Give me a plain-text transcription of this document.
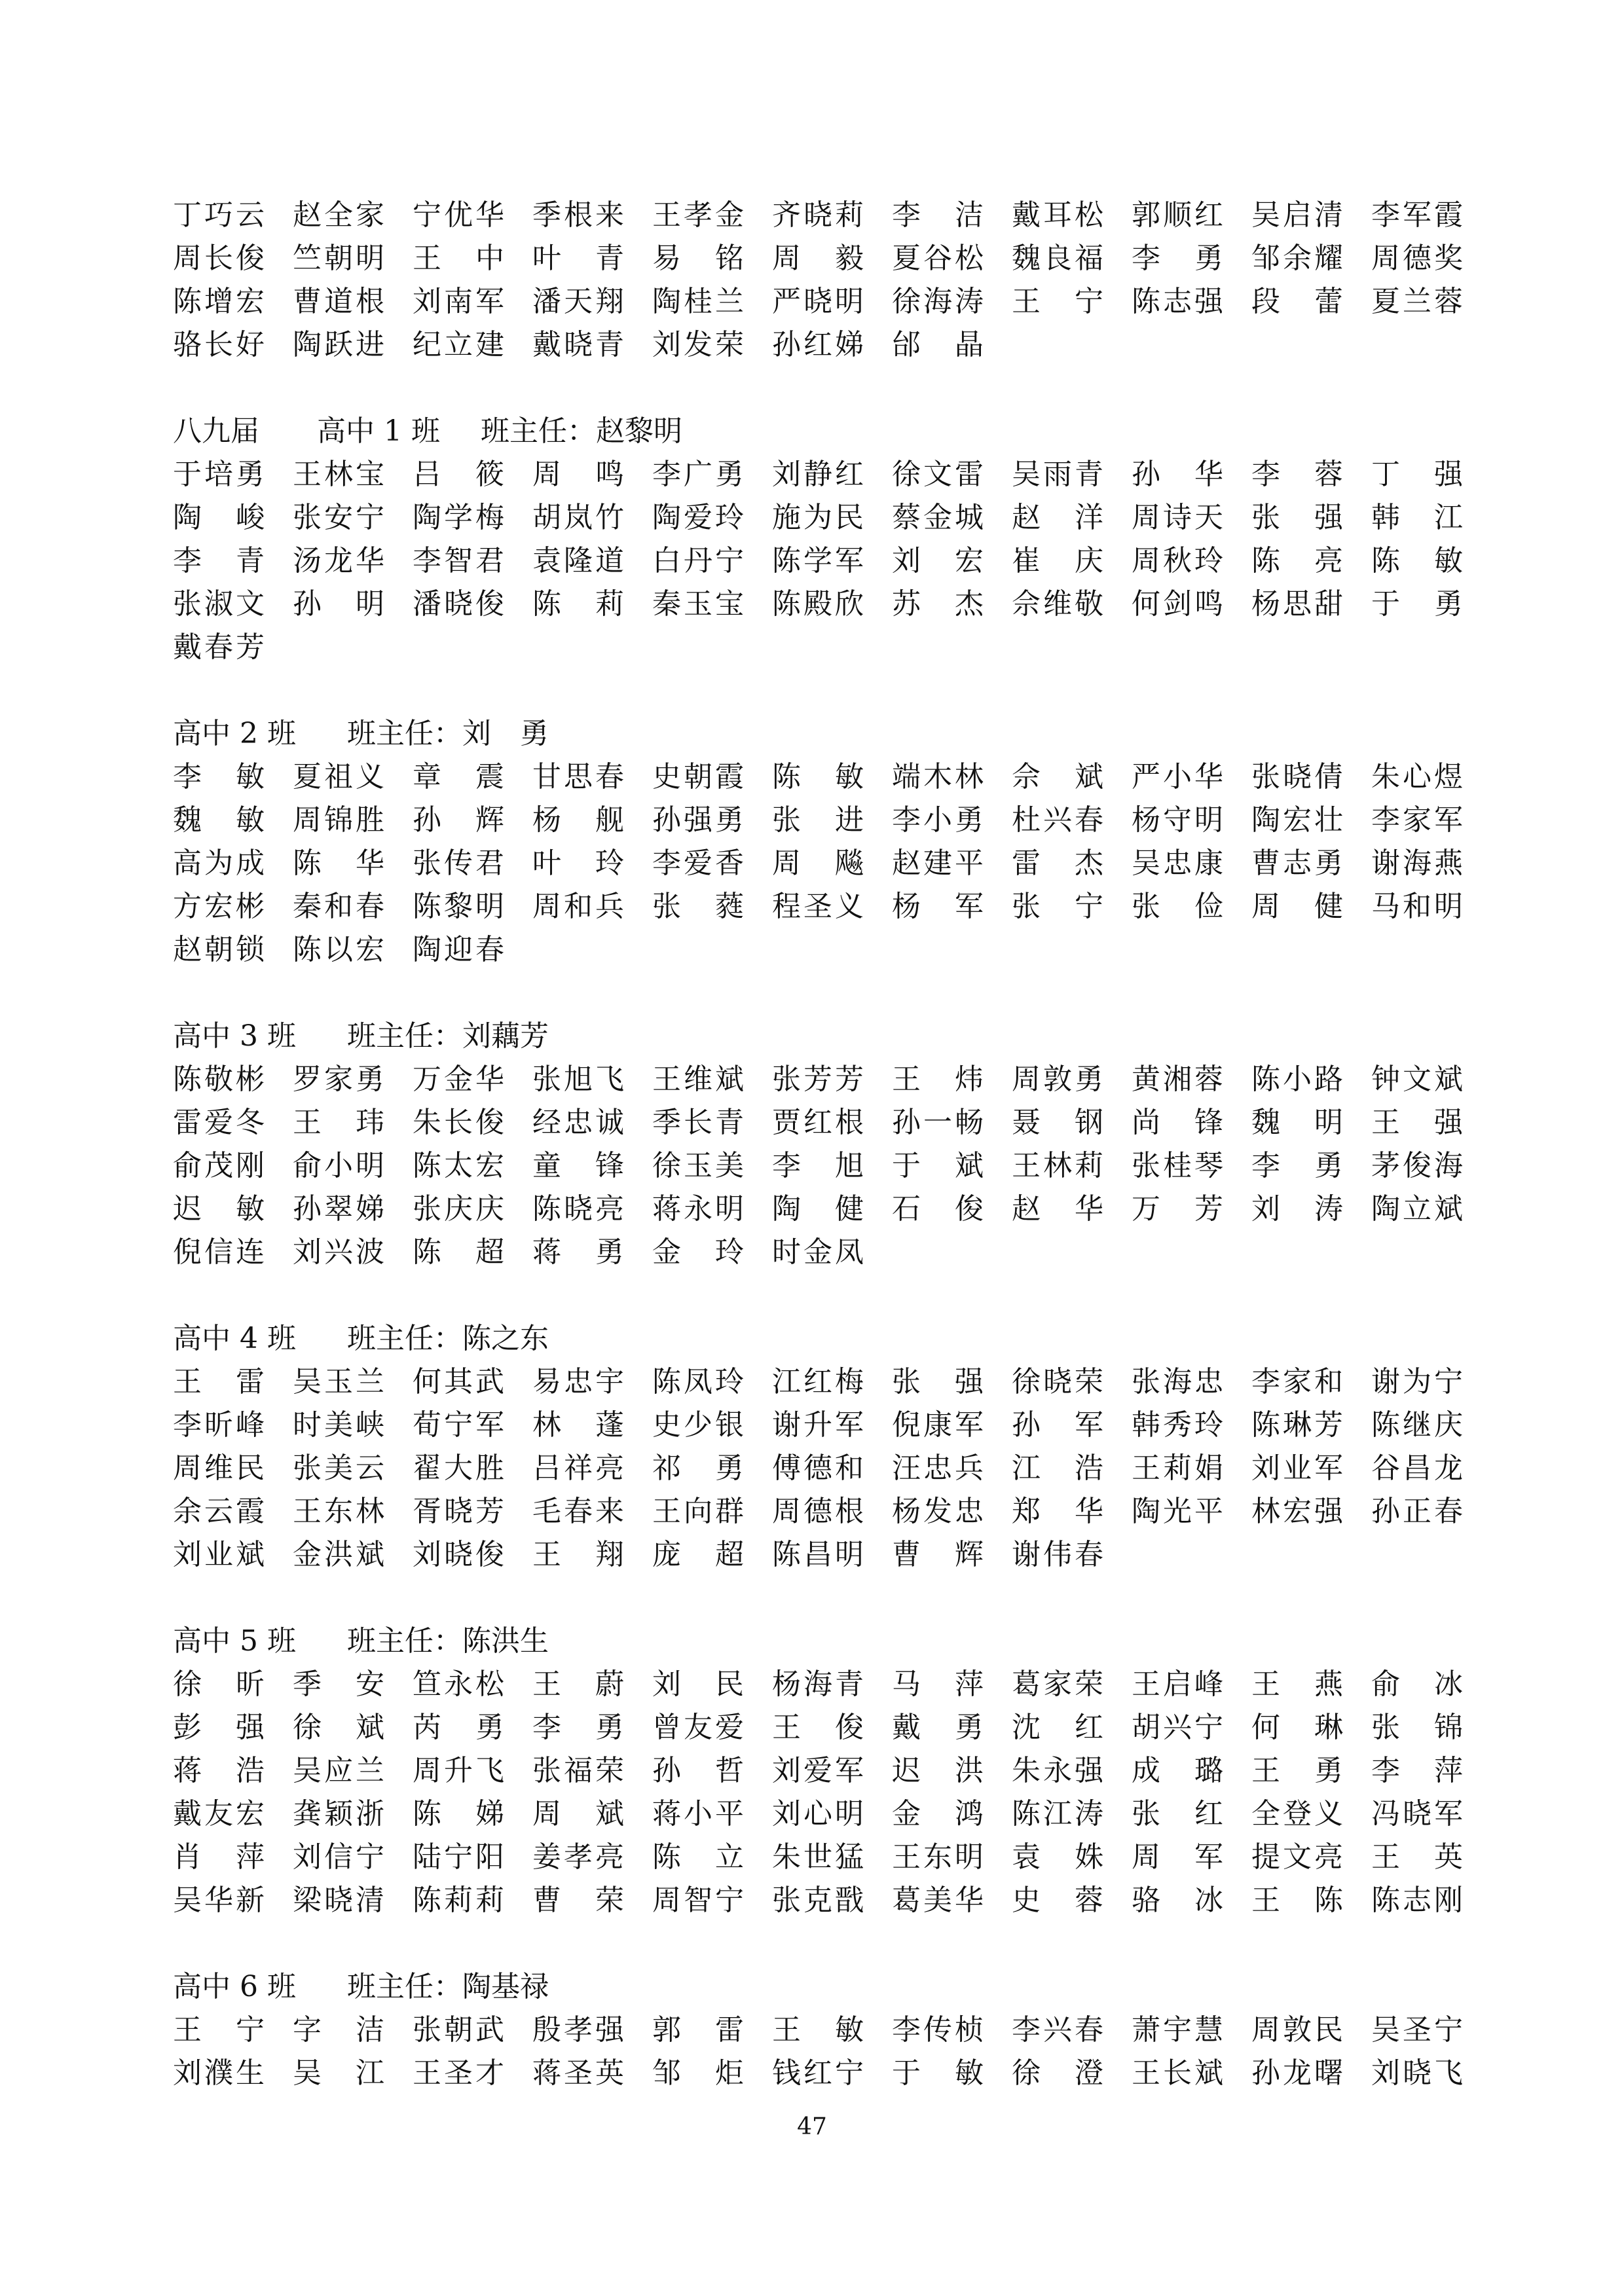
丁巧云 赵全家 宁优华 季根来 王孝金 齐晓莉 李　洁 戴耳松 郭顺红 吴启清 李军霞
周长俊 竺朝明 王　中 叶　青 易　铭 周　毅 夏谷松 魏良福 李　勇 邹余耀 周德奖
陈增宏 曹道根 刘南军 潘天翔 陶桂兰 严晓明 徐海涛 王　宁 陈志强 段　蕾 夏兰蓉
骆长好 陶跃进 纪立建 戴晓青 刘发荣 孙红娣 邰　晶
八九届 高中 1 班 班主任：赵黎明
于培勇 王林宝 吕　筱 周　鸣 李广勇 刘静红 徐文雷 吴雨青 孙　华 李　蓉 丁　强
陶　峻 张安宁 陶学梅 胡岚竹 陶爱玲 施为民 蔡金城 赵　洋 周诗天 张　强 韩　江
李　青 汤龙华 李智君 袁隆道 白丹宁 陈学军 刘　宏 崔　庆 周秋玲 陈　亮 陈　敏
张淑文 孙　明 潘晓俊 陈　莉 秦玉宝 陈殿欣 苏　杰 佘维敬 何剑鸣 杨思甜 于　勇
戴春芳
高中 2 班 班主任：刘　勇
李　敏 夏祖义 章　震 甘思春 史朝霞 陈　敏 端木林 佘　斌 严小华 张晓倩 朱心煜
魏　敏 周锦胜 孙　辉 杨　舰 孙强勇 张　进 李小勇 杜兴春 杨守明 陶宏壮 李家军
高为成 陈　华 张传君 叶　玲 李爱香 周　飚 赵建平 雷　杰 吴忠康 曹志勇 谢海燕
方宏彬 秦和春 陈黎明 周和兵 张　蕤 程圣义 杨　军 张　宁 张　俭 周　健 马和明
赵朝锁 陈以宏 陶迎春
高中 3 班 班主任：刘藕芳
陈敬彬 罗家勇 万金华 张旭飞 王维斌 张芳芳 王　炜 周敦勇 黄湘蓉 陈小路 钟文斌
雷爱冬 王　玮 朱长俊 经忠诚 季长青 贾红根 孙一畅 聂　钢 尚　锋 魏　明 王　强
俞茂刚 俞小明 陈太宏 童　锋 徐玉美 李　旭 于　斌 王林莉 张桂琴 李　勇 茅俊海
迟　敏 孙翠娣 张庆庆 陈晓亮 蒋永明 陶　健 石　俊 赵　华 万　芳 刘　涛 陶立斌
倪信连 刘兴波 陈　超 蒋　勇 金　玲 时金凤
高中 4 班 班主任：陈之东
王　雷 吴玉兰 何其武 易忠宇 陈凤玲 江红梅 张　强 徐晓荣 张海忠 李家和 谢为宁
李昕峰 时美峡 荀宁军 林　蓬 史少银 谢升军 倪康军 孙　军 韩秀玲 陈琳芳 陈继庆
周维民 张美云 翟大胜 吕祥亮 祁　勇 傅德和 汪忠兵 江　浩 王莉娟 刘业军 谷昌龙
余云霞 王东林 胥晓芳 毛春来 王向群 周德根 杨发忠 郑　华 陶光平 林宏强 孙正春
刘业斌 金洪斌 刘晓俊 王　翔 庞　超 陈昌明 曹　辉 谢伟春
高中 5 班 班主任：陈洪生
徐　昕 季　安 笪永松 王　蔚 刘　民 杨海青 马　萍 葛家荣 王启峰 王　燕 俞　冰
彭　强 徐　斌 芮　勇 李　勇 曾友爱 王　俊 戴　勇 沈　红 胡兴宁 何　琳 张　锦
蒋　浩 吴应兰 周升飞 张福荣 孙　哲 刘爱军 迟　洪 朱永强 成　璐 王　勇 李　萍
戴友宏 龚颖浙 陈　娣 周　斌 蒋小平 刘心明 金　鸿 陈江涛 张　红 全登义 冯晓军
肖　萍 刘信宁 陆宁阳 姜孝亮 陈　立 朱世猛 王东明 袁　姝 周　军 提文亮 王　英
吴华新 梁晓清 陈莉莉 曹　荣 周智宁 张克戬 葛美华 史　蓉 骆　冰 王　陈 陈志刚
高中 6 班 班主任：陶基禄
王　宁 字　洁 张朝武 殷孝强 郭　雷 王　敏 李传桢 李兴春 萧宇慧 周敦民 吴圣宁
刘濮生 吴　江 王圣才 蒋圣英 邹　炬 钱红宁 于　敏 徐　澄 王长斌 孙龙曙 刘晓飞
47
